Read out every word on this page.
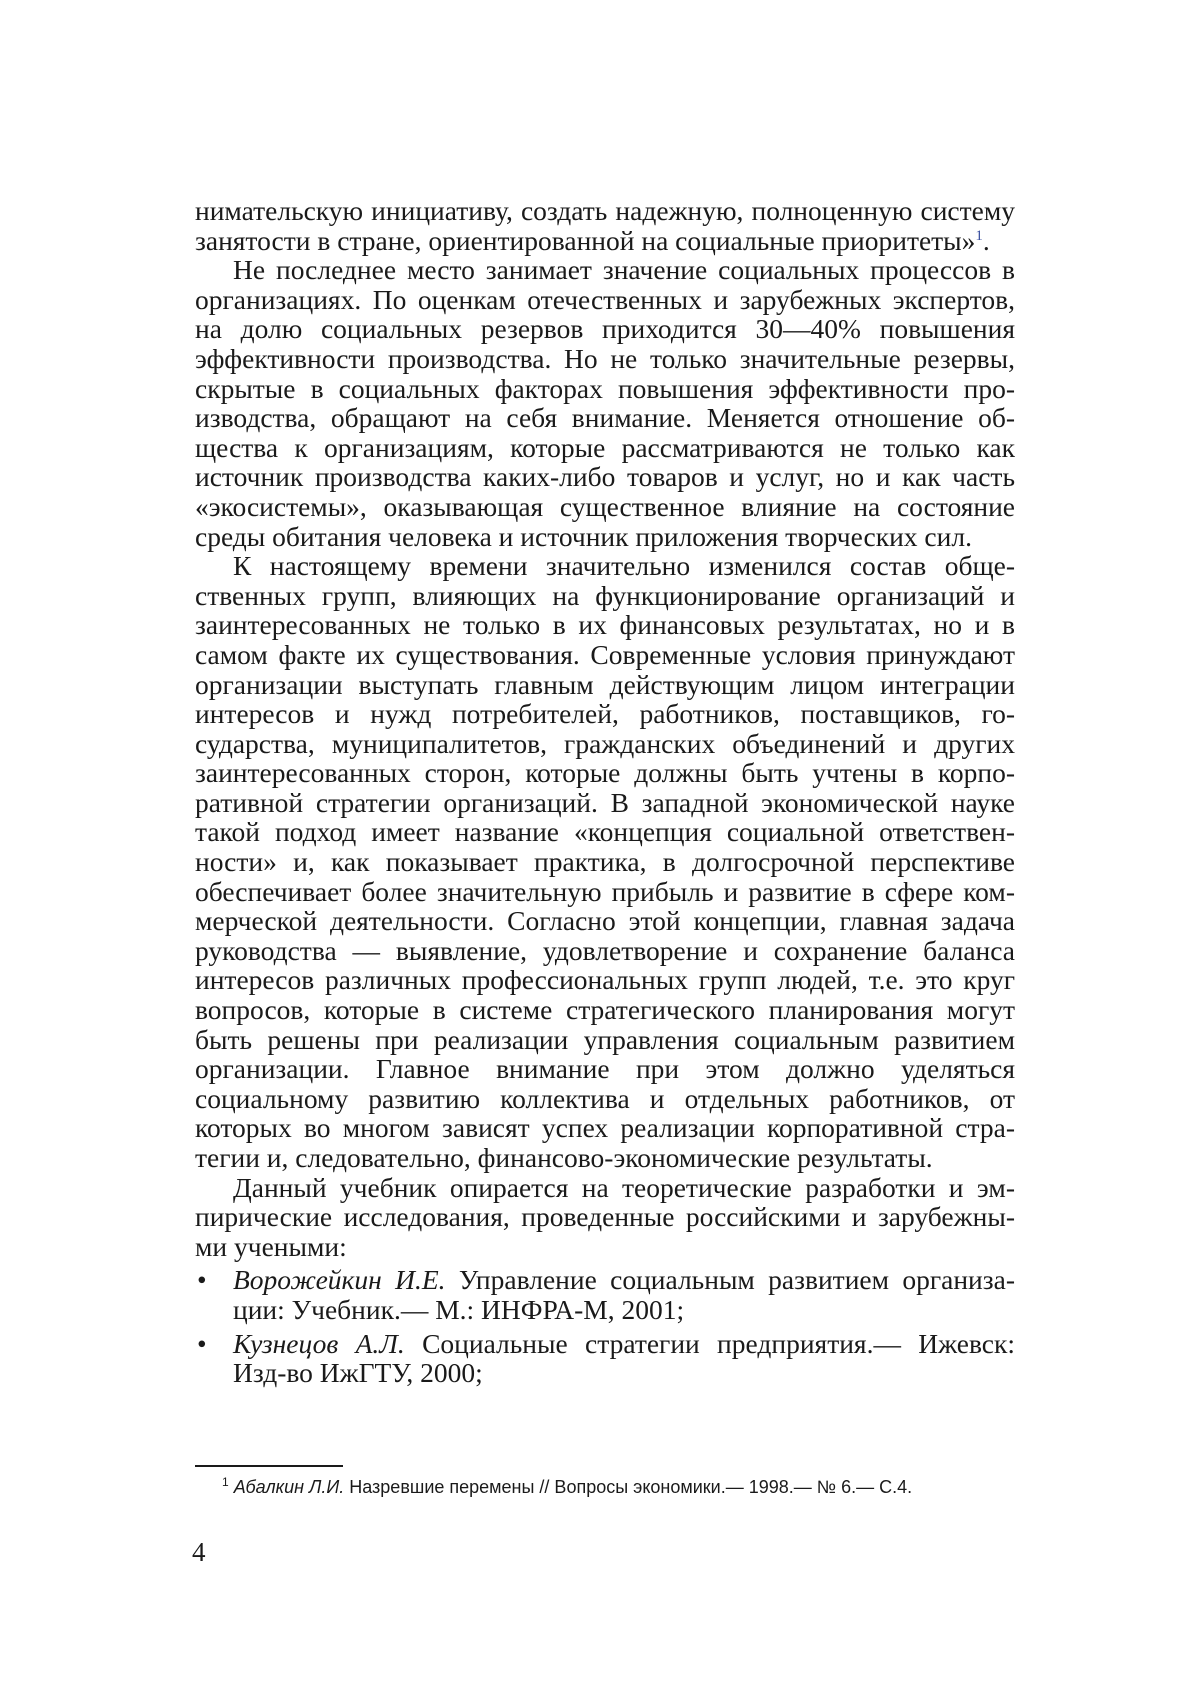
нимательскую инициативу, создать надежную, полноценную систему занятости в стране, ориентированной на социальные приоритеты»$^1$.

Не последнее место занимает значение социальных процессов в организациях. По оценкам отечественных и зарубежных экспертов, на долю социальных резервов приходится 30—40% повышения эффективности производства. Но не только значительные резервы, скрытые в социальных факторах повышения эффективности производства, обращают на себя внимание. Меняется отношение общества к организациям, которые рассматриваются не только как источник производства каких-либо товаров и услуг, но и как часть «экосистемы», оказывающая существенное влияние на состояние среды обитания человека и источник приложения творческих сил.

К настоящему времени значительно изменился состав общественных групп, влияющих на функционирование организаций и заинтересованных не только в их финансовых результатах, но и в самом факте их существования. Современные условия принуждают организации выступать главным действующим лицом интеграции интересов и нужд потребителей, работников, поставщиков, государства, муниципалитетов, гражданских объединений и других заинтересованных сторон, которые должны быть учтены в корпоративной стратегии организаций. В западной экономической науке такой подход имеет название «концепция социальной ответственности» и, как показывает практика, в долгосрочной перспективе обеспечивает более значительную прибыль и развитие в сфере коммерческой деятельности. Согласно этой концепции, главная задача руководства — выявление, удовлетворение и сохранение баланса интересов различных профессиональных групп людей, т.е. это круг вопросов, которые в системе стратегического планирования могут быть решены при реализации управления социальным развитием организации. Главное внимание при этом должно уделяться социальному развитию коллектива и отдельных работников, от которых во многом зависят успех реализации корпоративной стратегии и, следовательно, финансово-экономические результаты.

Данный учебник опирается на теоретические разработки и эмпирические исследования, проведенные российскими и зарубежными учеными:

• Ворожейкин И.Е. Управление социальным развитием организации: Учебник.— М.: ИНФРА-М, 2001;
• Кузнецов А.Л. Социальные стратегии предприятия.— Ижевск: Изд-во ИжГТУ, 2000;
$^1$ Абалкин Л.И. Назревшие перемены // Вопросы экономики.— 1998.— № 6.— С.4.
4
